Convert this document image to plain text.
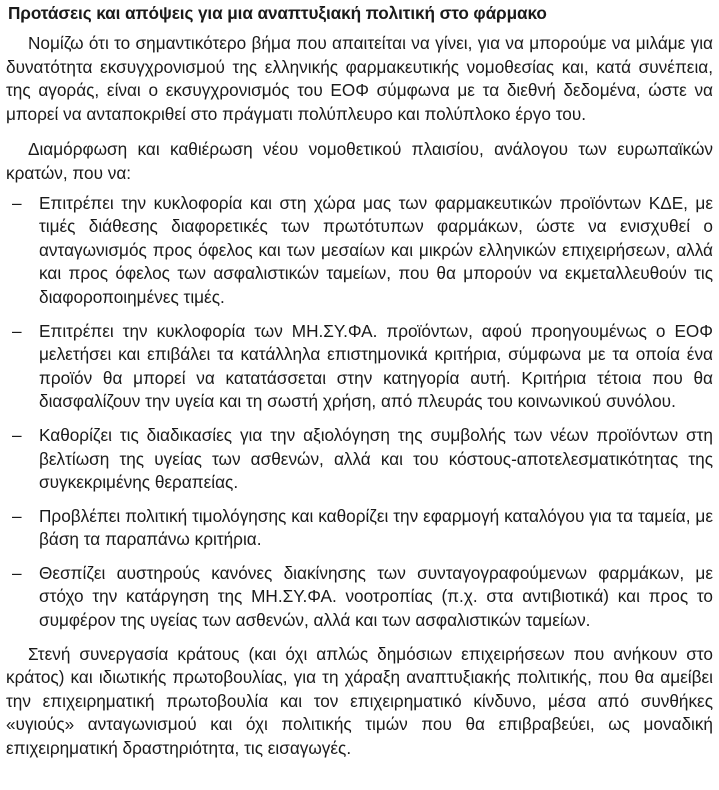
Προτάσεις και απόψεις για μια αναπτυξιακή πολιτική στο φάρμακο

Νομίζω ότι το σημαντικότερο βήμα που απαιτείται να γίνει, για να μπορούμε να μιλάμε για δυνατότητα εκσυγχρονισμού της ελληνικής φαρμακευτικής νομοθεσίας και, κατά συνέπεια, της αγοράς, είναι ο εκσυγχρονισμός του ΕΟΦ σύμφωνα με τα διεθνή δεδομένα, ώστε να μπορεί να ανταποκριθεί στο πράγματι πολύπλευρο και πολύπλοκο έργο του.

Διαμόρφωση και καθιέρωση νέου νομοθετικού πλαισίου, ανάλογου των ευρωπαϊκών κρατών, που να:

– Επιτρέπει την κυκλοφορία και στη χώρα μας των φαρμακευτικών προϊόντων ΚΔΕ, με τιμές διάθεσης διαφορετικές των πρωτότυπων φαρμάκων, ώστε να ενισχυθεί ο ανταγωνισμός προς όφελος και των μεσαίων και μικρών ελληνικών επιχειρήσεων, αλλά και προς όφελος των ασφαλιστικών ταμείων, που θα μπορούν να εκμεταλλευθούν τις διαφοροποιημένες τιμές.

– Επιτρέπει την κυκλοφορία των ΜΗ.ΣΥ.ΦΑ. προϊόντων, αφού προηγουμένως ο ΕΟΦ μελετήσει και επιβάλει τα κατάλληλα επιστημονικά κριτήρια, σύμφωνα με τα οποία ένα προϊόν θα μπορεί να κατατάσσεται στην κατηγορία αυτή. Κριτήρια τέτοια που θα διασφαλίζουν την υγεία και τη σωστή χρήση, από πλευράς του κοινωνικού συνόλου.

– Καθορίζει τις διαδικασίες για την αξιολόγηση της συμβολής των νέων προϊόντων στη βελτίωση της υγείας των ασθενών, αλλά και του κόστους-αποτελεσματικότητας της συγκεκριμένης θεραπείας.

– Προβλέπει πολιτική τιμολόγησης και καθορίζει την εφαρμογή καταλόγου για τα ταμεία, με βάση τα παραπάνω κριτήρια.

– Θεσπίζει αυστηρούς κανόνες διακίνησης των συνταγογραφούμενων φαρμάκων, με στόχο την κατάργηση της ΜΗ.ΣΥ.ΦΑ. νοοτροπίας (π.χ. στα αντιβιοτικά) και προς το συμφέρον της υγείας των ασθενών, αλλά και των ασφαλιστικών ταμείων.

Στενή συνεργασία κράτους (και όχι απλώς δημόσιων επιχειρήσεων που ανήκουν στο κράτος) και ιδιωτικής πρωτοβουλίας, για τη χάραξη αναπτυξιακής πολιτικής, που θα αμείβει την επιχειρηματική πρωτοβουλία και τον επιχειρηματικό κίνδυνο, μέσα από συνθήκες «υγιούς» ανταγωνισμού και όχι πολιτικής τιμών που θα επιβραβεύει, ως μοναδική επιχειρηματική δραστηριότητα, τις εισαγωγές.
